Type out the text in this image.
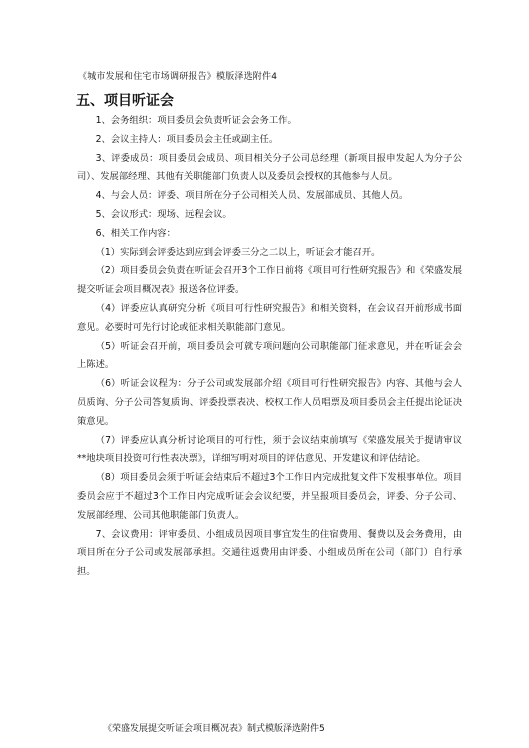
《城市发展和住宅市场调研报告》模版泽选附件4
五、项目听证会

1、会务组织：项目委员会负责听证会会务工作。

2、会议主持人：项目委员会主任或副主任。

3、评委成员：项目委员会成员、项目相关分子公司总经理（新项目报申发起人为分子公司）、发展部经理、其他有关职能部门负责人以及委员会授权的其他参与人员。

4、与会人员：评委、项目所在分子公司相关人员、发展部成员、其他人员。

5、会议形式：现场、远程会议。

6、相关工作内容：

（1）实际到会评委达到应到会评委三分之二以上，听证会才能召开。

（2）项目委员会负责在听证会召开3个工作日前将《项目可行性研究报告》和《荣盛发展提交听证会项目概况表》报送各位评委。

（4）评委应认真研究分析《项目可行性研究报告》和相关资料，在会议召开前形成书面意见。必要时可先行讨论或征求相关职能部门意见。

（5）听证会召开前，项目委员会可就专项问题向公司职能部门征求意见，并在听证会会上陈述。

（6）听证会议程为：分子公司或发展部介绍《项目可行性研究报告》内容、其他与会人员质询、分子公司答复质询、评委投票表决、校权工作人员唱票及项目委员会主任提出论证决策意见。

（7）评委应认真分析讨论项目的可行性，须于会议结束前填写《荣盛发展关于提请审议**地块项目投资可行性表决票》，详细写明对项目的评估意见、开发建议和评估结论。

（8）项目委员会须于听证会结束后不超过3个工作日内完成批复文件下发根事单位。项目委员会应于不超过3个工作日内完成听证会会议纪要，并呈报项目委员会，评委、分子公司、发展部经理、公司其他职能部门负责人。

7、会议费用：评审委员、小组成员因项目事宜发生的住宿费用、餐费以及会务费用，由项目所在分子公司或发展部承担。交通往返费用由评委、小组成员所在公司（部门）自行承担。

《荣盛发展提交听证会项目概况表》制式模版泽选附件5
